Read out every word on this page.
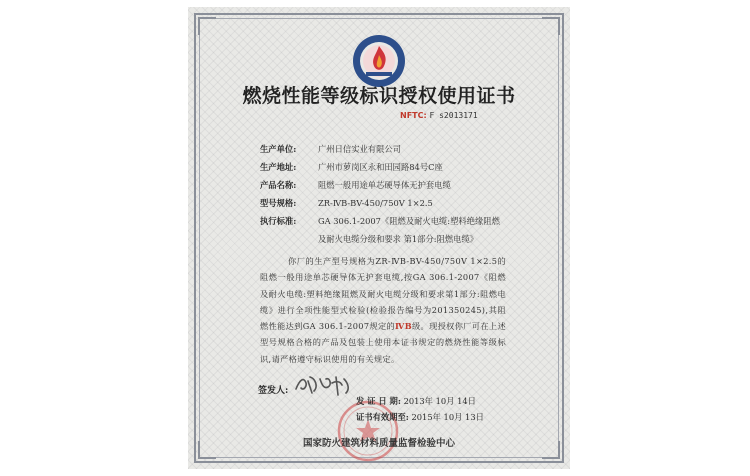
燃烧性能等级标识授权使用证书
NFTC: F s2013171
生产单位:	广州日信实业有限公司
生产地址:	广州市萝岗区永和田园路84号C座
产品名称:	阻燃一般用途单芯硬导体无护套电缆
型号规格:	ZR-ⅣB-BV-450/750V 1×2.5
执行标准:	GA 306.1-2007《阻燃及耐火电缆:塑料绝缘阻燃
及耐火电缆分级和要求 第1部分:阻燃电缆》
你厂的生产型号规格为ZR-ⅣB-BV-450/750V 1×2.5的阻燃一般用途单芯硬导体无护套电缆,按GA 306.1-2007《阻燃及耐火电缆:塑料绝缘阻燃及耐火电缆分级和要求第1部分:阻燃电缆》进行全项性能型式检验(检验报告编号为201350245),其阻燃性能达到GA 306.1-2007规定的ⅣB级。现授权你厂可在上述型号规格合格的产品及包装上使用本证书规定的燃烧性能等级标识,请严格遵守标识使用的有关规定。
签发人:
发 证 日 期: 2013年 10月 14日
证书有效期至: 2015年 10月 13日
国家防火建筑材料质量监督检验中心
